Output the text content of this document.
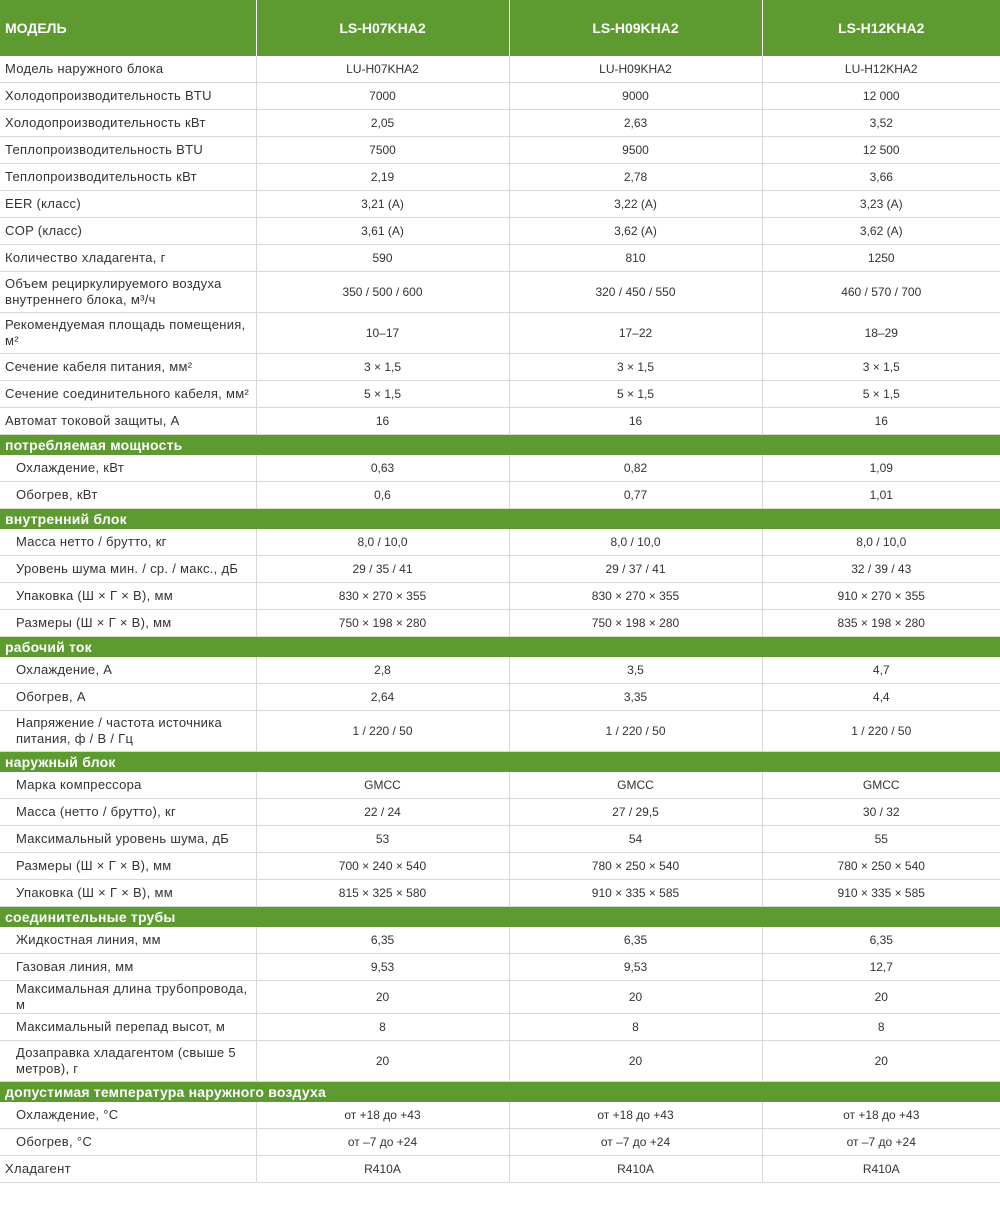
МОДЕЛЬ	LS-H07KHA2	LS-H09KHA2	LS-H12KHA2
Модель наружного блока	LU-H07KHA2	LU-H09KHA2	LU-H12KHA2
Холодопроизводительность BTU	7000	9000	12 000
Холодопроизводительность кВт	2,05	2,63	3,52
Теплопроизводительность BTU	7500	9500	12 500
Теплопроизводительность кВт	2,19	2,78	3,66
EER (класс)	3,21 (A)	3,22 (A)	3,23 (A)
COP (класс)	3,61 (A)	3,62 (A)	3,62 (A)
Количество хладагента, г	590	810	1250
Объем рециркулируемого воздуха внутреннего блока, м³/ч	350 / 500 / 600	320 / 450 / 550	460 / 570 / 700
Рекомендуемая площадь помещения, м²	10–17	17–22	18–29
Сечение кабеля питания, мм²	3 × 1,5	3 × 1,5	3 × 1,5
Сечение соединительного кабеля, мм²	5 × 1,5	5 × 1,5	5 × 1,5
Автомат токовой защиты, А	16	16	16
потребляемая мощность			
Охлаждение, кВт	0,63	0,82	1,09
Обогрев, кВт	0,6	0,77	1,01
внутренний блок			
Масса нетто / брутто, кг	8,0 / 10,0	8,0 / 10,0	8,0 / 10,0
Уровень шума мин. / ср. / макс., дБ	29 / 35 / 41	29 / 37 / 41	32 / 39 / 43
Упаковка (Ш × Г × В), мм	830 × 270 × 355	830 × 270 × 355	910 × 270 × 355
Размеры (Ш × Г × В), мм	750 × 198 × 280	750 × 198 × 280	835 × 198 × 280
рабочий ток			
Охлаждение, А	2,8	3,5	4,7
Обогрев, А	2,64	3,35	4,4
Напряжение / частота источника питания, ф / В / Гц	1 / 220 / 50	1 / 220 / 50	1 / 220 / 50
наружный блок			
Марка компрессора	GMCC	GMCC	GMCC
Масса (нетто / брутто), кг	22 / 24	27 / 29,5	30 / 32
Максимальный уровень шума, дБ	53	54	55
Размеры (Ш × Г × В), мм	700 × 240 × 540	780 × 250 × 540	780 × 250 × 540
Упаковка (Ш × Г × В), мм	815 × 325 × 580	910 × 335 × 585	910 × 335 × 585
соединительные трубы			
Жидкостная линия, мм	6,35	6,35	6,35
Газовая линия, мм	9,53	9,53	12,7
Максимальная длина трубопровода, м	20	20	20
Максимальный перепад высот, м	8	8	8
Дозаправка хладагентом (свыше 5 метров), г	20	20	20
допустимая температура наружного воздуха			
Охлаждение, °С	от +18 до +43	от +18 до +43	от +18 до +43
Обогрев, °С	от –7 до +24	от –7 до +24	от –7 до +24
Хладагент	R410A	R410A	R410A
